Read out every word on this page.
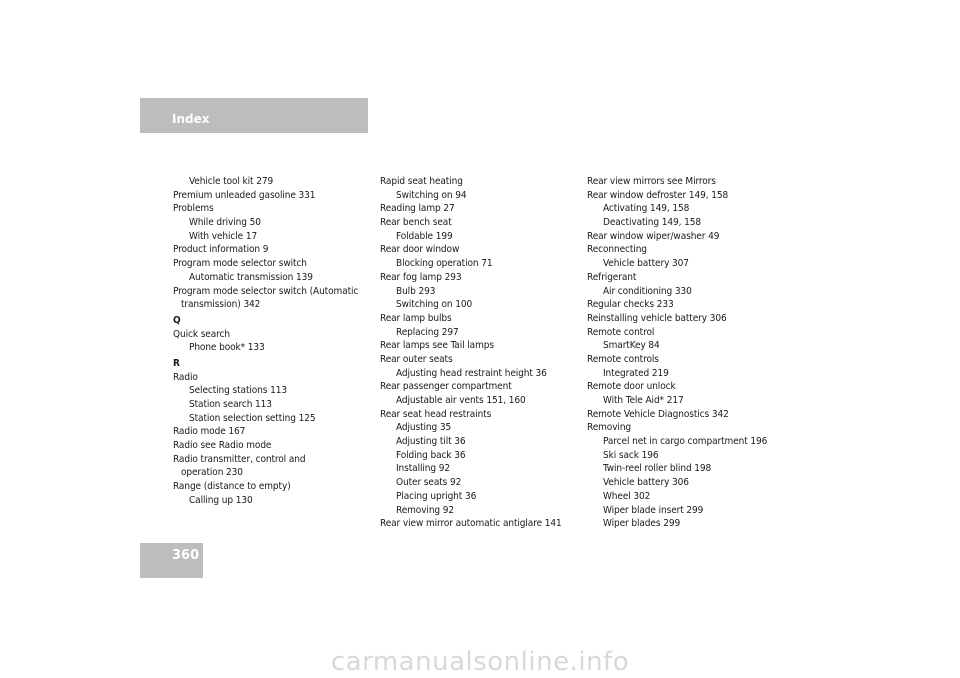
Index
Vehicle tool kit 279
Premium unleaded gasoline 331
Problems
While driving 50
With vehicle 17
Product information 9
Program mode selector switch
Automatic transmission 139
Program mode selector switch (Automatic
transmission) 342
Q
Quick search
Phone book* 133
R
Radio
Selecting stations 113
Station search 113
Station selection setting 125
Radio mode 167
Radio see Radio mode
Radio transmitter, control and
operation 230
Range (distance to empty)
Calling up 130
Rapid seat heating
Switching on 94
Reading lamp 27
Rear bench seat
Foldable 199
Rear door window
Blocking operation 71
Rear fog lamp 293
Bulb 293
Switching on 100
Rear lamp bulbs
Replacing 297
Rear lamps see Tail lamps
Rear outer seats
Adjusting head restraint height 36
Rear passenger compartment
Adjustable air vents 151, 160
Rear seat head restraints
Adjusting 35
Adjusting tilt 36
Folding back 36
Installing 92
Outer seats 92
Placing upright 36
Removing 92
Rear view mirror automatic antiglare 141
Rear view mirrors see Mirrors
Rear window defroster 149, 158
Activating 149, 158
Deactivating 149, 158
Rear window wiper/washer 49
Reconnecting
Vehicle battery 307
Refrigerant
Air conditioning 330
Regular checks 233
Reinstalling vehicle battery 306
Remote control
SmartKey 84
Remote controls
Integrated 219
Remote door unlock
With Tele Aid* 217
Remote Vehicle Diagnostics 342
Removing
Parcel net in cargo compartment 196
Ski sack 196
Twin-reel roller blind 198
Vehicle battery 306
Wheel 302
Wiper blade insert 299
Wiper blades 299
360
carmanualsonline.info
